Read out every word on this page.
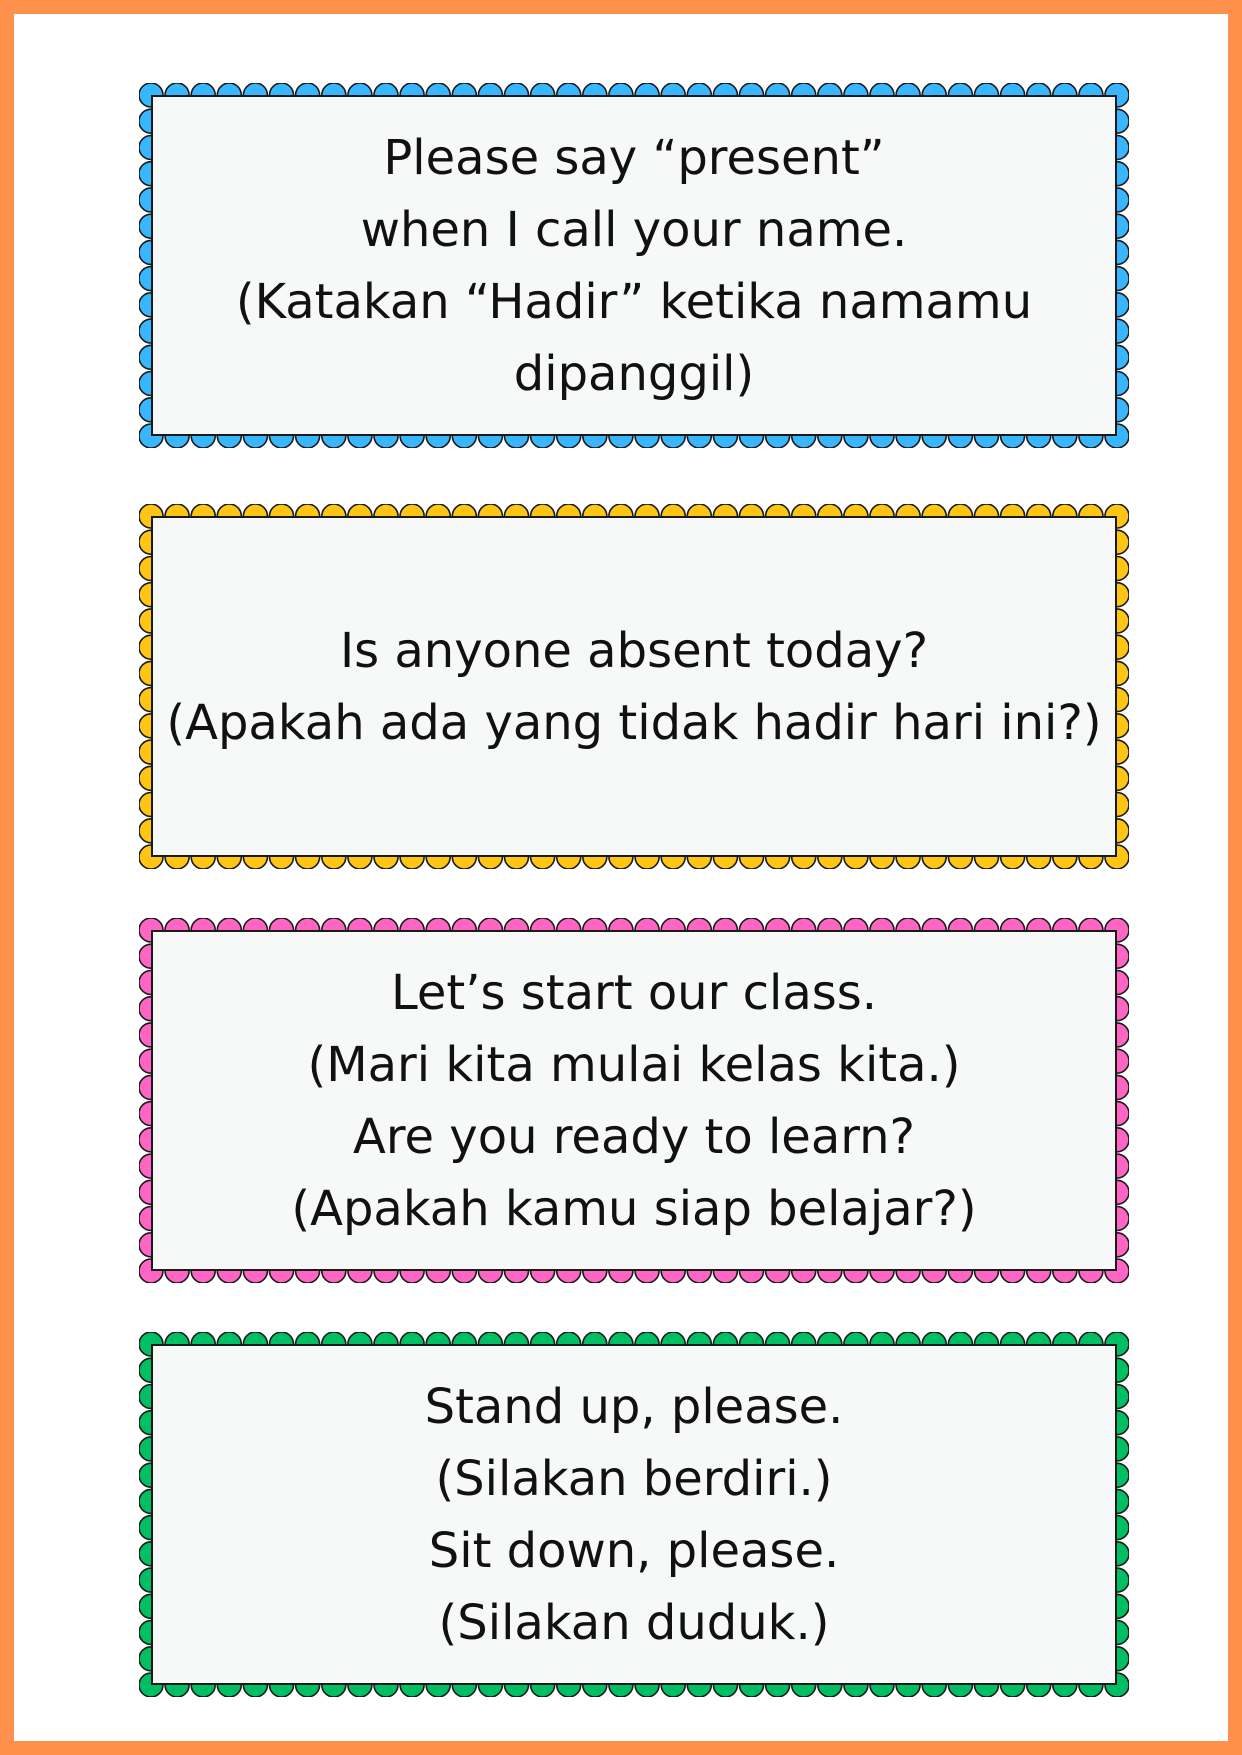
Please say “present”
when I call your name.
(Katakan “Hadir” ketika namamu
dipanggil)
Is anyone absent today?
(Apakah ada yang tidak hadir hari ini?)
Let’s start our class.
(Mari kita mulai kelas kita.)
Are you ready to learn?
(Apakah kamu siap belajar?)
Stand up, please.
(Silakan berdiri.)
Sit down, please.
(Silakan duduk.)
